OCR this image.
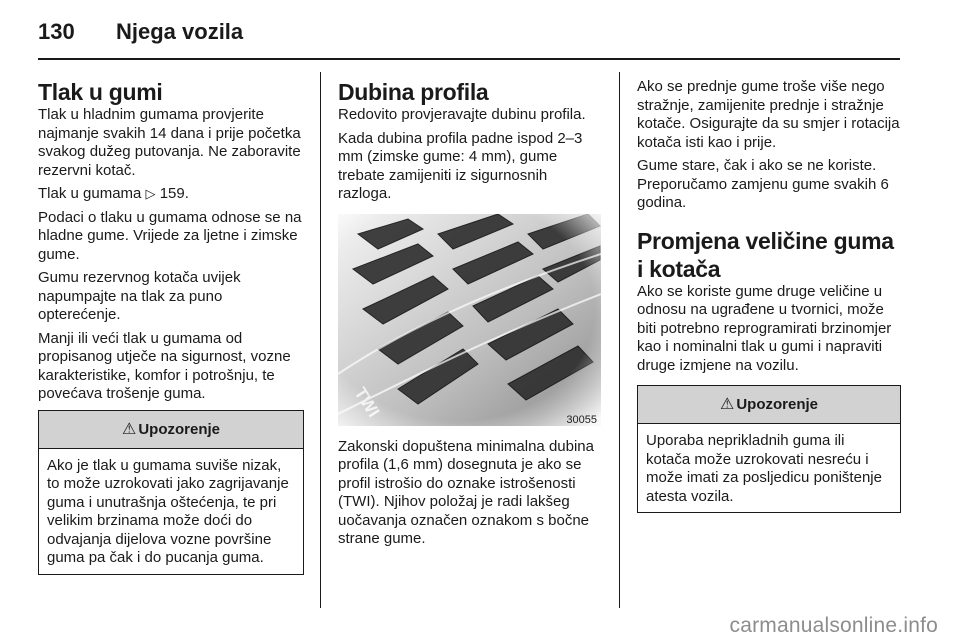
130 Njega vozila
Tlak u gumi

Tlak u hladnim gumama provjerite najmanje svakih 14 dana i prije početka svakog dužeg putovanja. Ne zaboravite rezervni kotač.

Tlak u gumama ▷ 159.

Podaci o tlaku u gumama odnose se na hladne gume. Vrijede za ljetne i zimske gume.

Gumu rezervnog kotača uvijek napumpajte na tlak za puno opterećenje.

Manji ili veći tlak u gumama od propisanog utječe na sigurnost, vozne karakteristike, komfor i potrošnju, te povećava trošenje guma.

⚠ Upozorenje

Ako je tlak u gumama suviše nizak, to može uzrokovati jako zagrijavanje guma i unutrašnja oštećenja, te pri velikim brzinama može doći do odvajanja dijelova vozne površine guma pa čak i do pucanja guma.

Dubina profila

Redovito provjeravajte dubinu profila.

Kada dubina profila padne ispod 2–3 mm (zimske gume: 4 mm), gume trebate zamijeniti iz sigurnosnih razloga.

30055

Zakonski dopuštena minimalna dubina profila (1,6 mm) dosegnuta je ako se profil istrošio do oznake istrošenosti (TWI). Njihov položaj je radi lakšeg uočavanja označen oznakom s bočne strane gume.

Ako se prednje gume troše više nego stražnje, zamijenite prednje i stražnje kotače. Osigurajte da su smjer i rotacija kotača isti kao i prije.

Gume stare, čak i ako se ne koriste. Preporučamo zamjenu gume svakih 6 godina.

Promjena veličine guma i kotača

Ako se koriste gume druge veličine u odnosu na ugrađene u tvornici, može biti potrebno reprogramirati brzinomjer kao i nominalni tlak u gumi i napraviti druge izmjene na vozilu.

⚠ Upozorenje

Uporaba neprikladnih guma ili kotača može uzrokovati nesreću i može imati za posljedicu poništenje atesta vozila.

carmanualsonline.info
